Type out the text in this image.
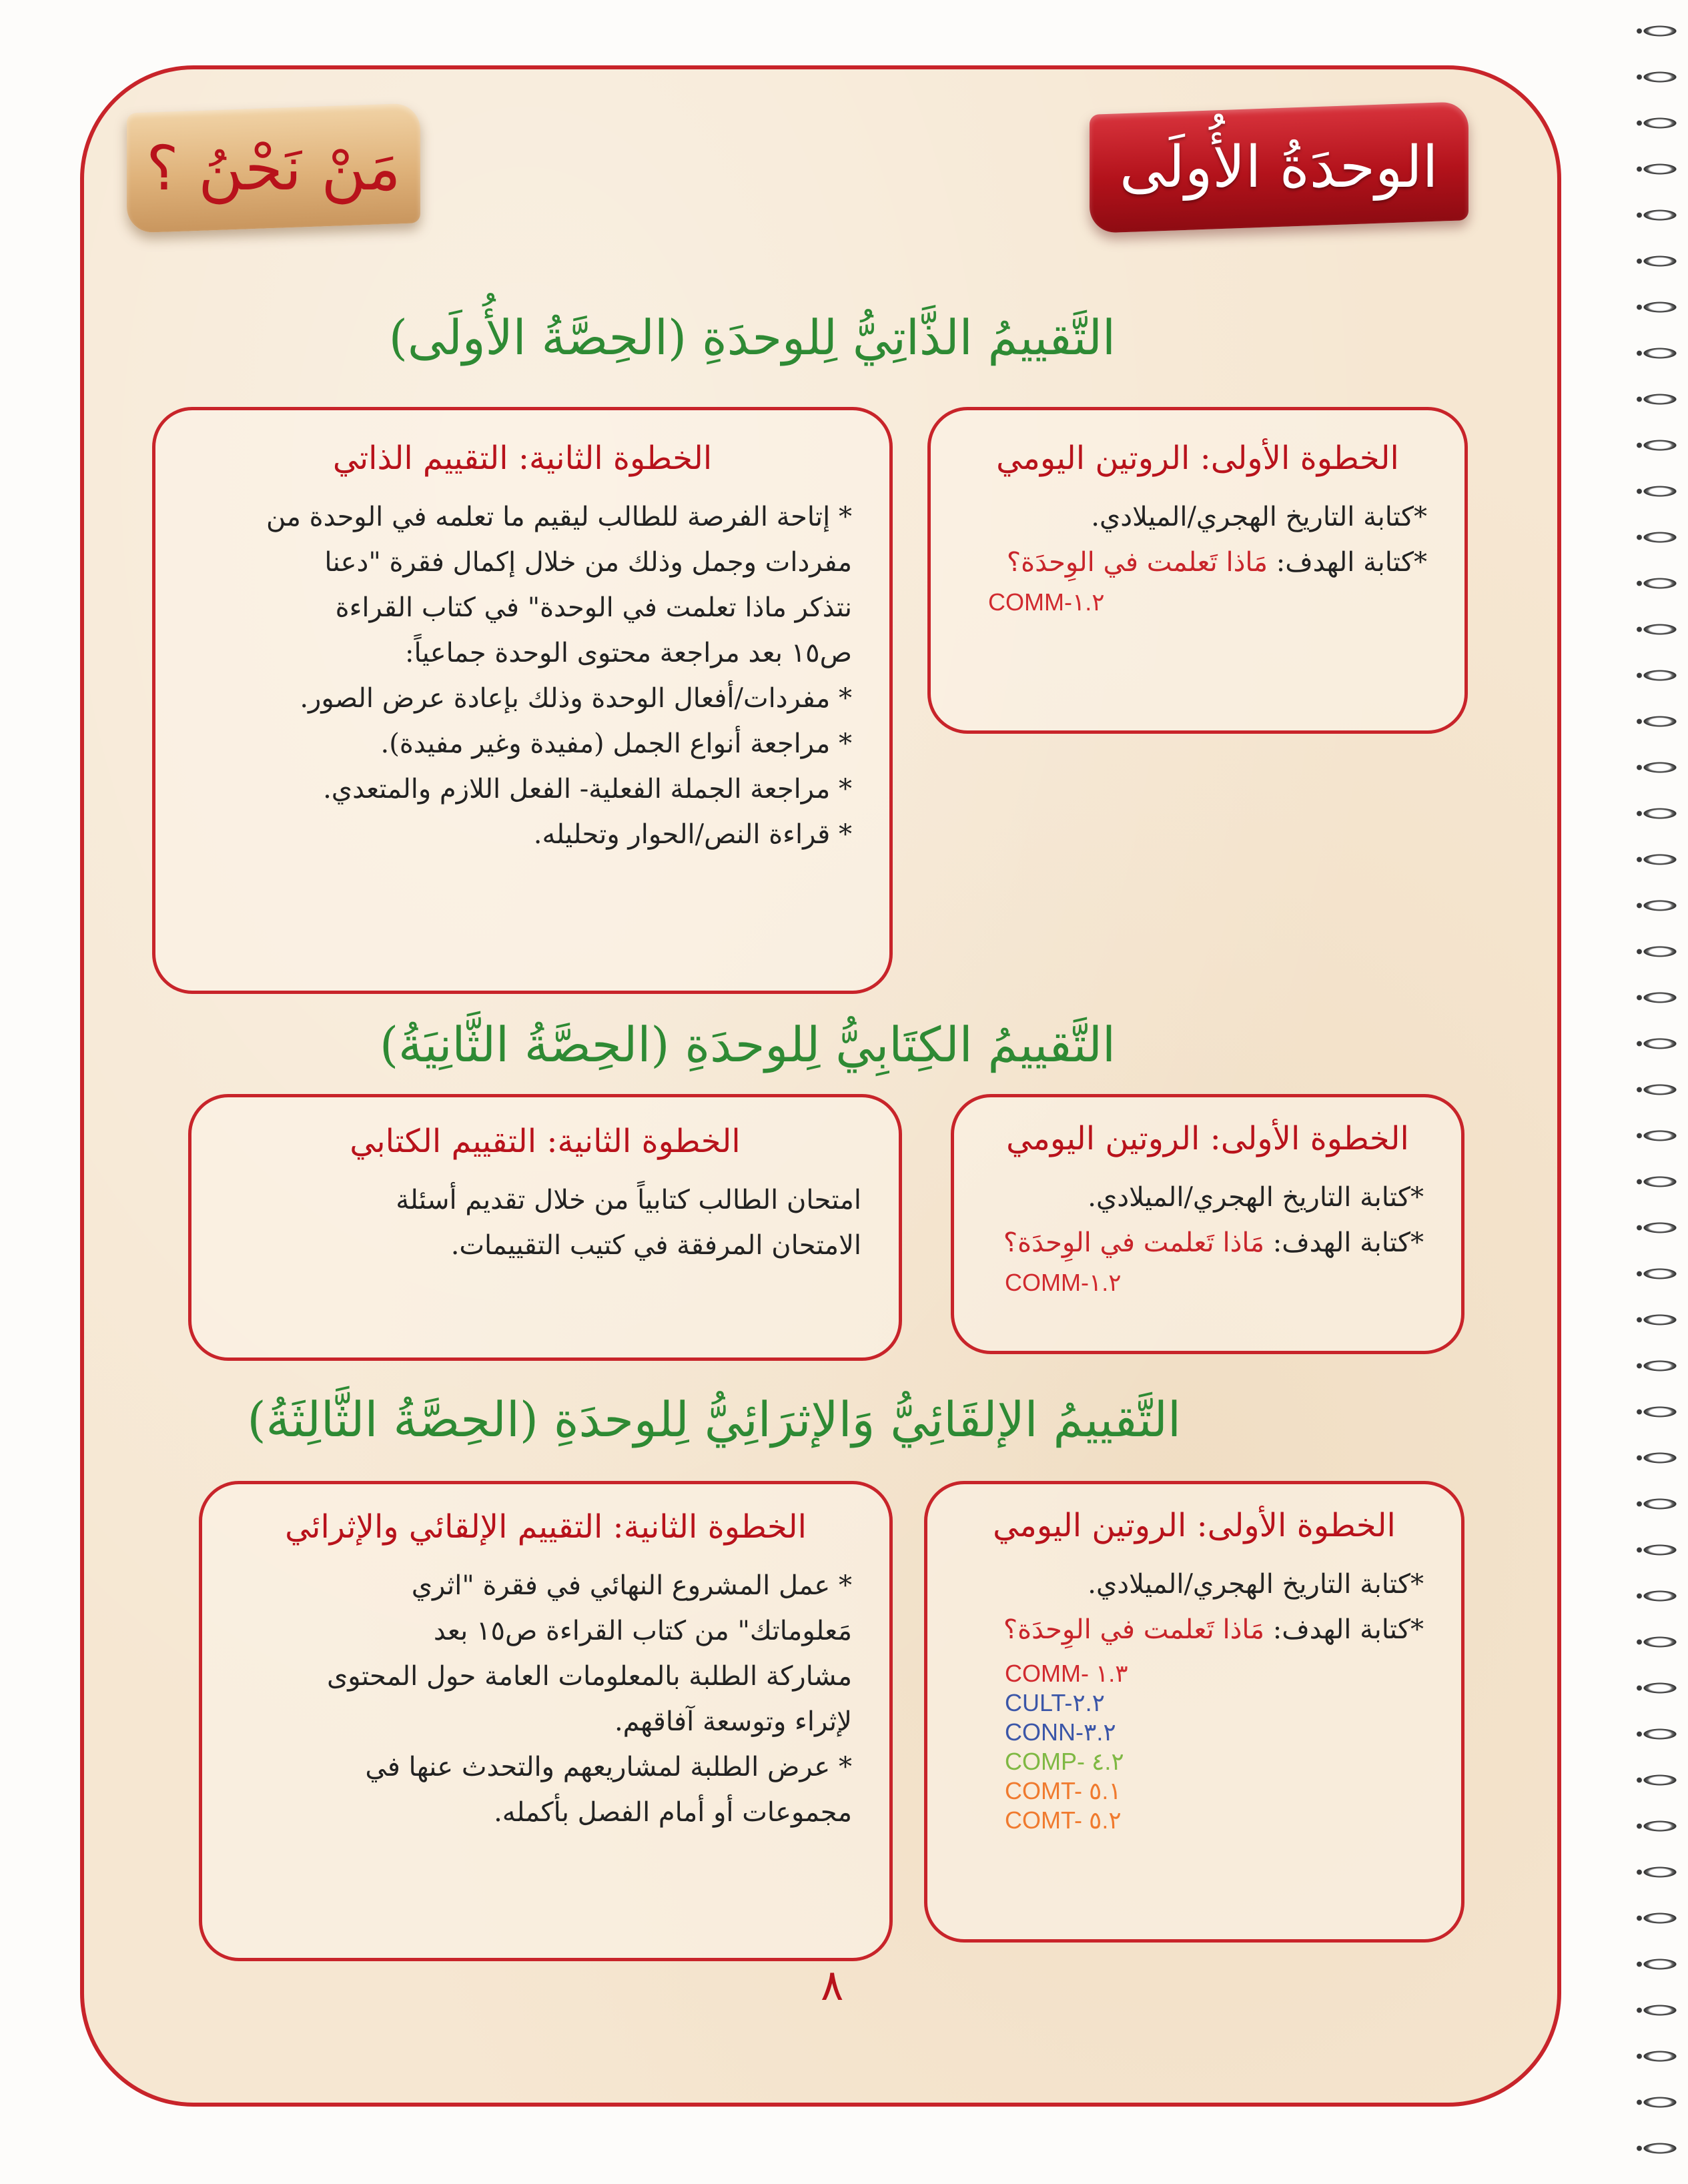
الوحدَةُ الأُولَى
مَنْ نَحْنُ ؟
التَّقييمُ الذَّاتِيُّ لِلوحدَةِ (الحِصَّةُ الأُولَى)
الخطوة الأولى: الروتين اليومي
*كتابة التاريخ الهجري/الميلادي.
*كتابة الهدف: مَاذا تَعلمت في الوِحدَة؟
COMM-١.٢
الخطوة الثانية: التقييم الذاتي
* إتاحة الفرصة للطالب ليقيم ما تعلمه في الوحدة من
مفردات وجمل وذلك من خلال إكمال فقرة "دعنا
نتذكر ماذا تعلمت في الوحدة" في كتاب القراءة
ص١٥ بعد مراجعة محتوى الوحدة جماعياً:
* مفردات/أفعال الوحدة وذلك بإعادة عرض الصور.
* مراجعة أنواع الجمل (مفيدة وغير مفيدة).
* مراجعة الجملة الفعلية- الفعل اللازم والمتعدي.
* قراءة النص/الحوار وتحليله.
التَّقييمُ الكِتَابِيُّ لِلوحدَةِ (الحِصَّةُ الثَّانِيَةُ)
الخطوة الأولى: الروتين اليومي
*كتابة التاريخ الهجري/الميلادي.
*كتابة الهدف: مَاذا تَعلمت في الوِحدَة؟
COMM-١.٢
الخطوة الثانية: التقييم الكتابي
امتحان الطالب كتابياً من خلال تقديم أسئلة
الامتحان المرفقة في كتيب التقييمات.
التَّقييمُ الإلقَائِيُّ وَالإثرَائِيُّ لِلوحدَةِ (الحِصَّةُ الثَّالِثَةُ)
الخطوة الأولى: الروتين اليومي
*كتابة التاريخ الهجري/الميلادي.
*كتابة الهدف: مَاذا تَعلمت في الوِحدَة؟
COMM- ١.٣
CULT-٢.٢
CONN-٣.٢
COMP- ٤.٢
COMT- ٥.١
COMT- ٥.٢
الخطوة الثانية: التقييم الإلقائي والإثرائي
* عمل المشروع النهائي في فقرة "اثري
مَعلوماتك" من كتاب القراءة ص١٥ بعد
مشاركة الطلبة بالمعلومات العامة حول المحتوى
لإثراء وتوسعة آفاقهم.
* عرض الطلبة لمشاريعهم والتحدث عنها في
مجموعات أو أمام الفصل بأكمله.
٨
